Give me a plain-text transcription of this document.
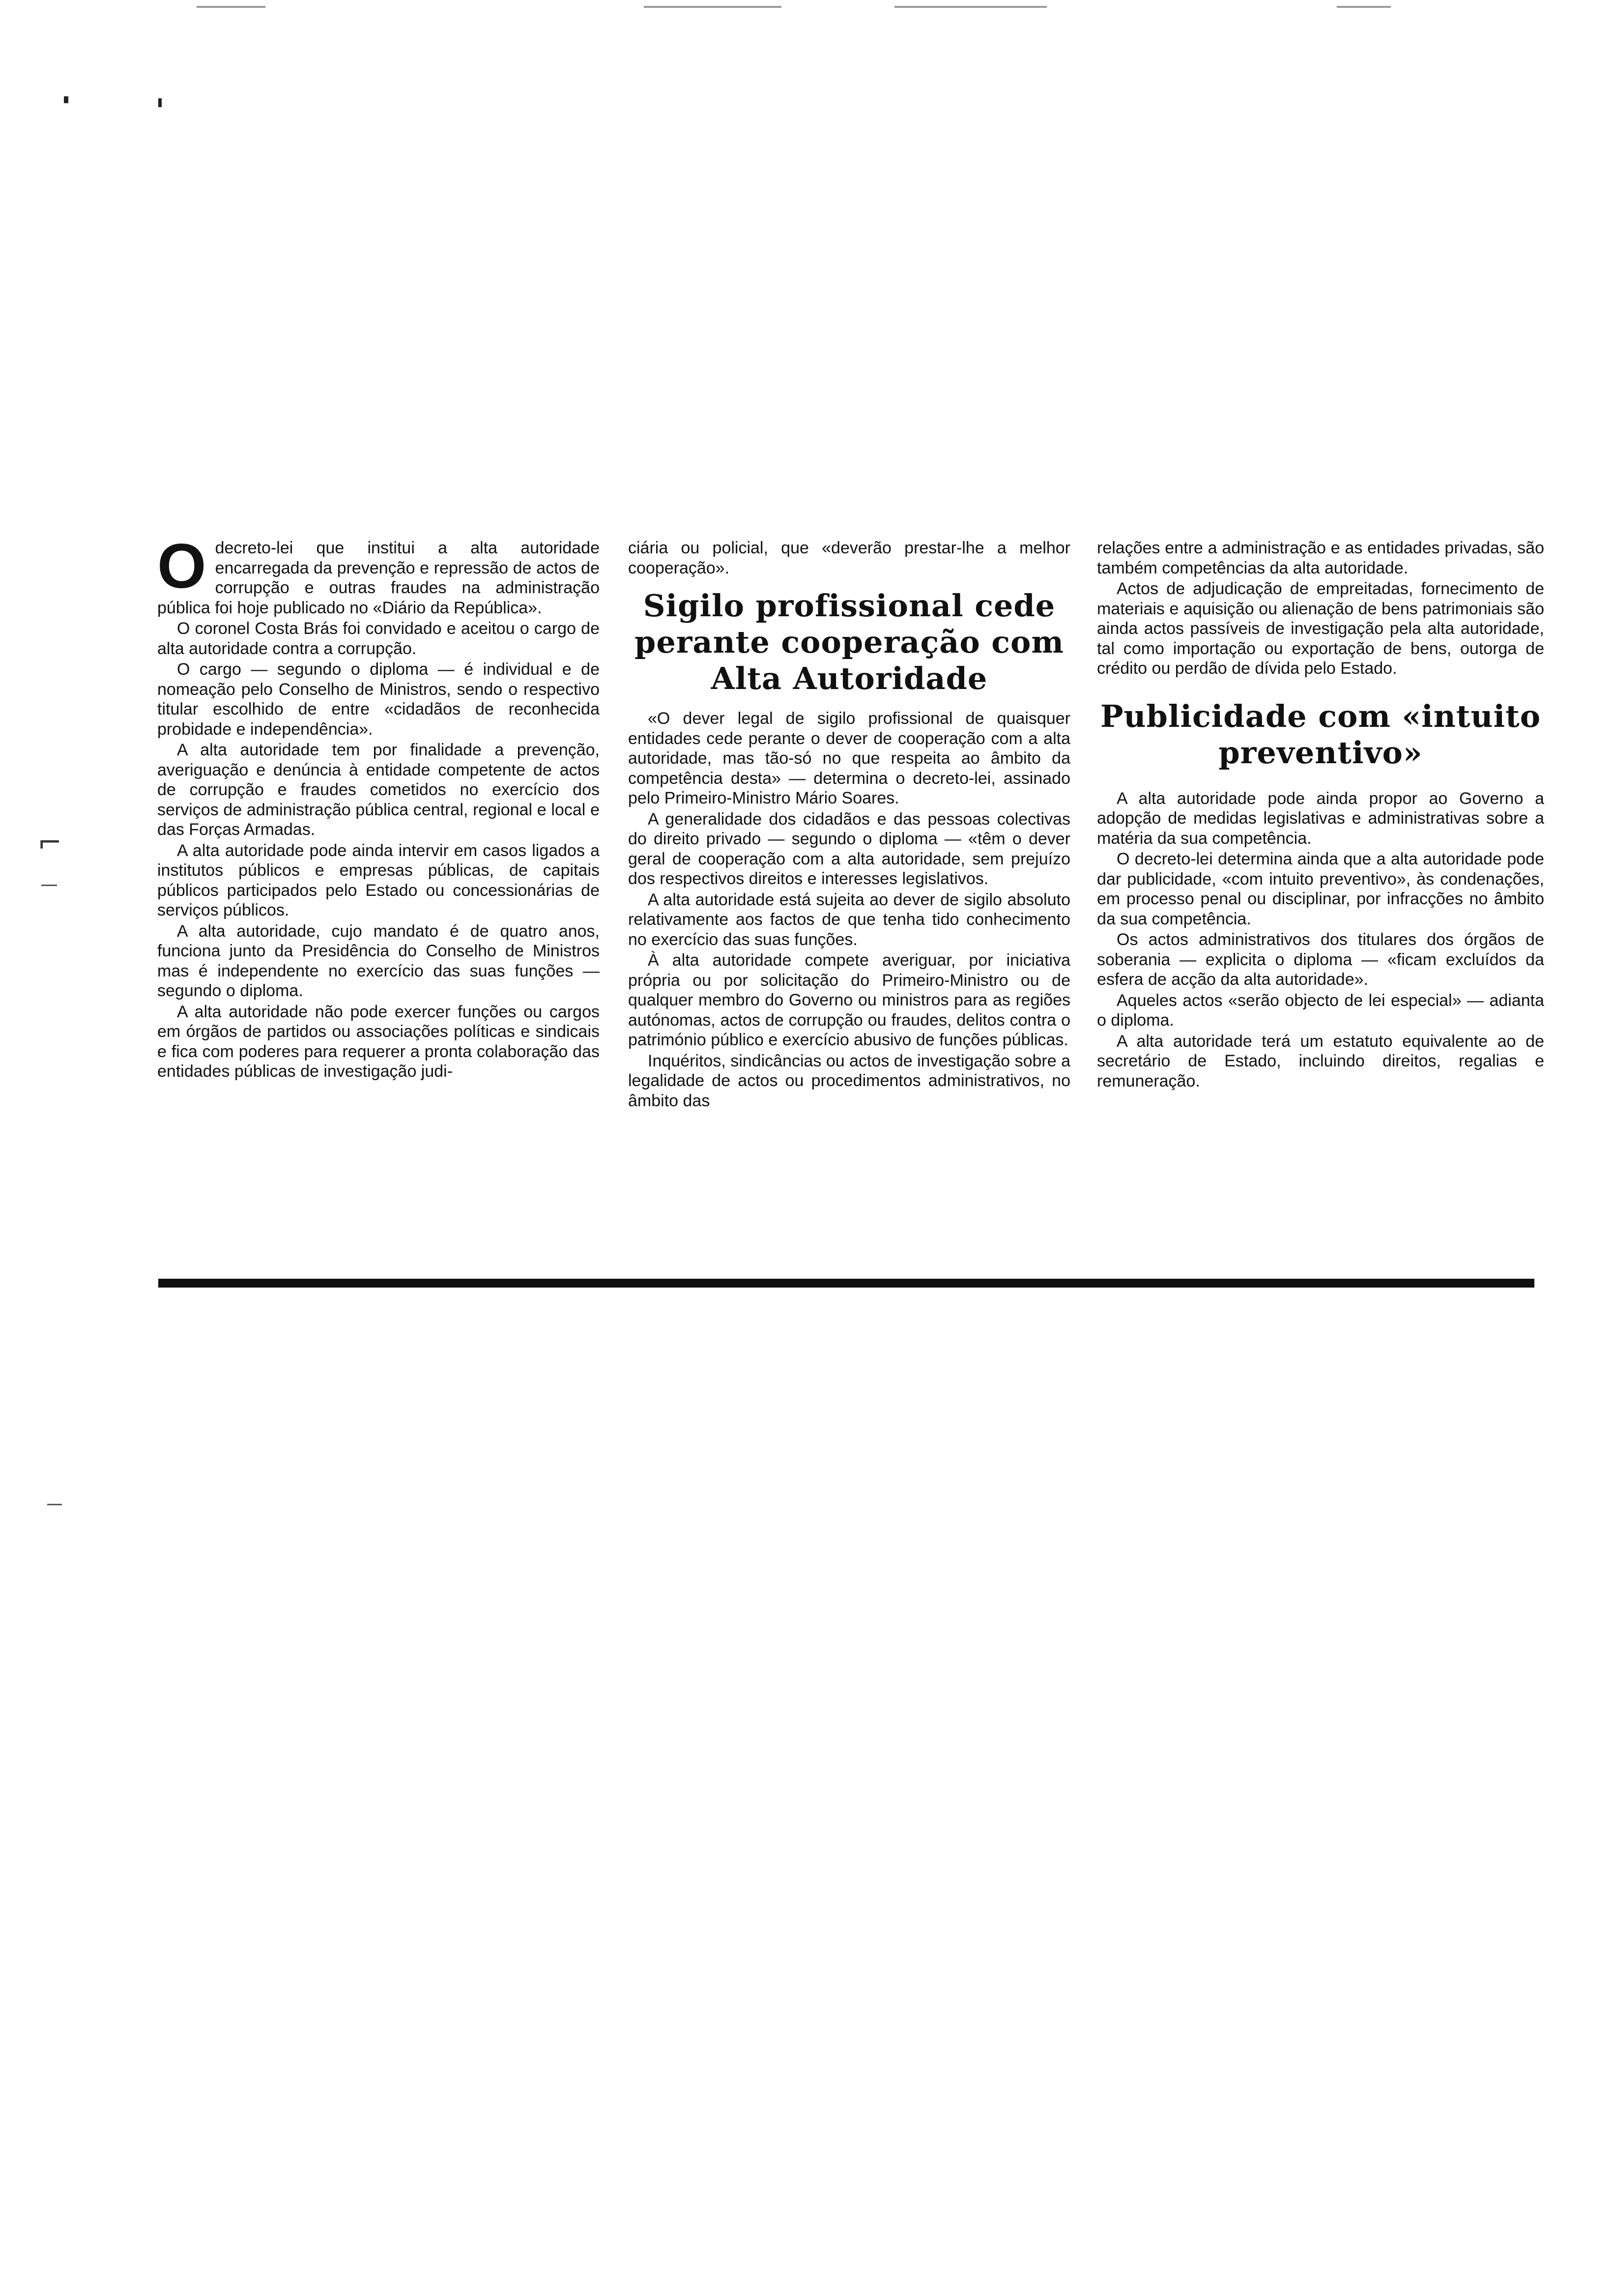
⌐

Odecreto-lei que institui a alta autoridade encarregada da prevenção e repressão de actos de corrupção e outras fraudes na administração pública foi hoje publicado no «Diário da República».

O coronel Costa Brás foi convidado e aceitou o cargo de alta autoridade contra a corrupção.

O cargo — segundo o diploma — é individual e de nomeação pelo Conselho de Ministros, sendo o respectivo titular escolhido de entre «cidadãos de reconhecida probidade e independência».

A alta autoridade tem por finalidade a prevenção, averiguação e denúncia à entidade competente de actos de corrupção e fraudes cometidos no exercício dos serviços de administração pública central, regional e local e das Forças Armadas.

A alta autoridade pode ainda intervir em casos ligados a institutos públicos e empresas públicas, de capitais públicos participados pelo Estado ou concessionárias de serviços públicos.

A alta autoridade, cujo mandato é de quatro anos, funciona junto da Presidência do Conselho de Ministros mas é independente no exercício das suas funções — segundo o diploma.

A alta autoridade não pode exercer funções ou cargos em órgãos de partidos ou associações políticas e sindicais e fica com poderes para requerer a pronta colaboração das entidades públicas de investigação judi-

ciária ou policial, que «deverão prestar-lhe a melhor cooperação».

Sigilo profissional cede perante cooperação com Alta Autoridade

«O dever legal de sigilo profissional de quaisquer entidades cede perante o dever de cooperação com a alta autoridade, mas tão-só no que respeita ao âmbito da competência desta» — determina o decreto-lei, assinado pelo Primeiro-Ministro Mário Soares.

A generalidade dos cidadãos e das pessoas colectivas do direito privado — segundo o diploma — «têm o dever geral de cooperação com a alta autoridade, sem prejuízo dos respectivos direitos e interesses legislativos.

A alta autoridade está sujeita ao dever de sigilo absoluto relativamente aos factos de que tenha tido conhecimento no exercício das suas funções.

À alta autoridade compete averiguar, por iniciativa própria ou por solicitação do Primeiro-Ministro ou de qualquer membro do Governo ou ministros para as regiões autónomas, actos de corrupção ou fraudes, delitos contra o património público e exercício abusivo de funções públicas.

Inquéritos, sindicâncias ou actos de investigação sobre a legalidade de actos ou procedimentos administrativos, no âmbito das

relações entre a administração e as entidades privadas, são também competências da alta autoridade.

Actos de adjudicação de empreitadas, fornecimento de materiais e aquisição ou alienação de bens patrimoniais são ainda actos passíveis de investigação pela alta autoridade, tal como importação ou exportação de bens, outorga de crédito ou perdão de dívida pelo Estado.

Publicidade com «intuito preventivo»

A alta autoridade pode ainda propor ao Governo a adopção de medidas legislativas e administrativas sobre a matéria da sua competência.

O decreto-lei determina ainda que a alta autoridade pode dar publicidade, «com intuito preventivo», às condenações, em processo penal ou disciplinar, por infracções no âmbito da sua competência.

Os actos administrativos dos titulares dos órgãos de soberania — explicita o diploma — «ficam excluídos da esfera de acção da alta autoridade».

Aqueles actos «serão objecto de lei especial» — adianta o diploma.

A alta autoridade terá um estatuto equivalente ao de secretário de Estado, incluindo direitos, regalias e remuneração.
